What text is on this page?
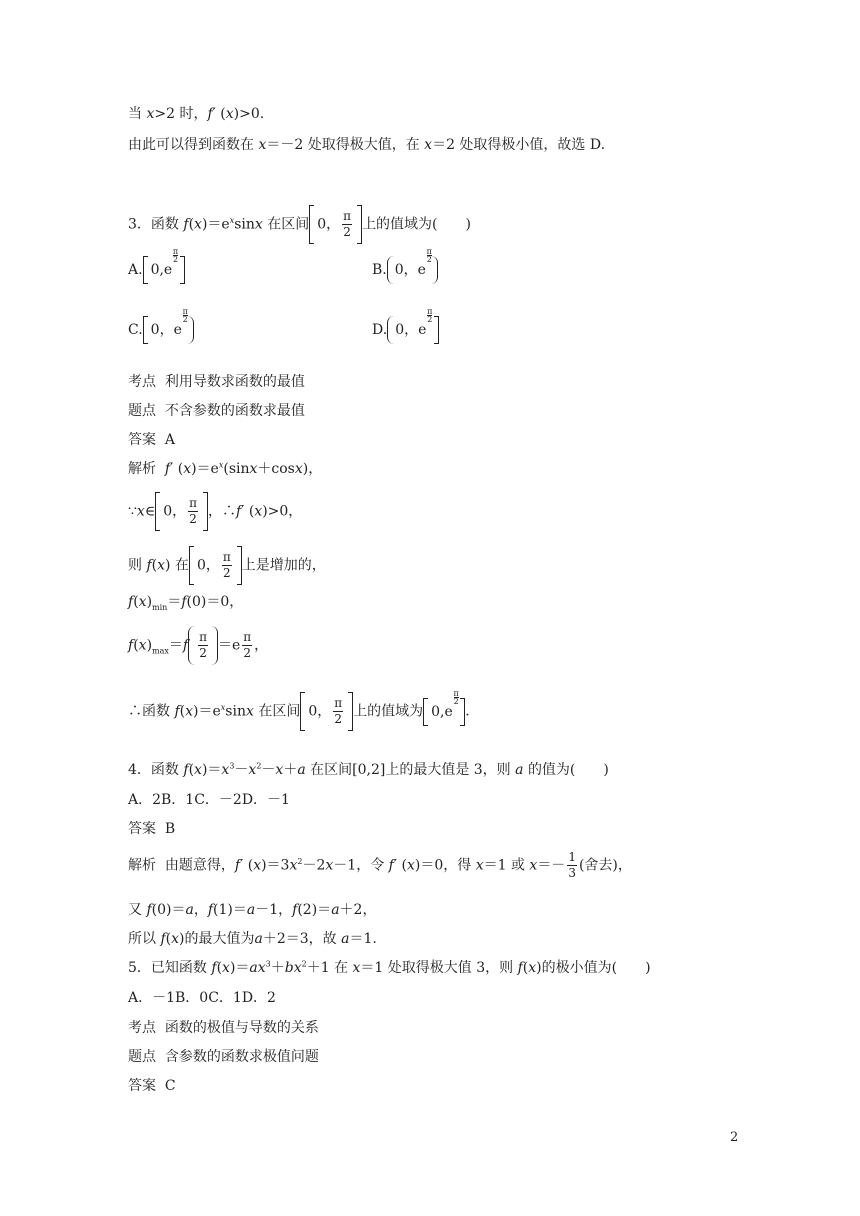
当 x>2 时，f′ (x)>0.
由此可以得到函数在 x＝－2 处取得极大值，在 x＝2 处取得极小值，故选 D.
3．函数 $f(x)=e^x\sin x$ 在区间 0， $\frac{\pi}{2}$ 上的值域为(　　)
A. 0,e
π
2

B. 0，e
π
2

C. 0，e
π
2

D. 0，e
π
2

考点 利用导数求函数的最值
题点 不含参数的函数求最值
答案 A
解析 f′ $(x)=e^x(\sin x+\cos x)$，
∵x∈ 0， $\frac{\pi}{2}$ ，∴f′ (x)>0，
则 f(x) 在 0， $\frac{\pi}{2}$ 上是增加的，
$f(x)_{min}=f(0)=0$，
$f(x)_{max}=f \frac{\pi}{2} =e \frac{\pi}{2}$ ，
∴函数 $f(x)=e^x\sin x$ 在区间 0， $\frac{\pi}{2}$ 上的值域为 0,e
π
2
.
4．函数 $f(x)=x^3-x^2-x+a$ 在区间[0,2]上的最大值是 3，则 a 的值为(　　)
A．2B．1C．－2D．－1
答案 B
解析 由题意得，f′ $(x)=3x^2-2x-1$，令 f′ (x)＝0，得 x＝1 或 $x=- \frac{1}{3}$ (舍去)，
又 f(0)＝a，f(1)＝a－1，f(2)＝a＋2，
所以 f(x)的最大值为a＋2＝3，故 a＝1.
5．已知函数 $f(x)=ax^3+bx^2+1$ 在 x＝1 处取得极大值 3，则 f(x)的极小值为(　　)
A．－1B．0C．1D．2
考点 函数的极值与导数的关系
题点 含参数的函数求极值问题
答案 C
2
